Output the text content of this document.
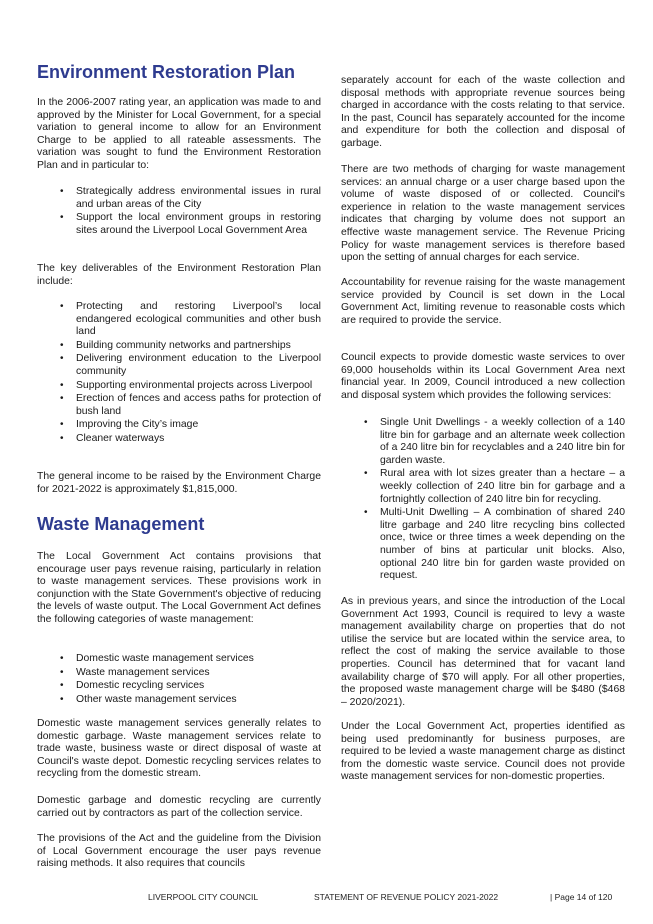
Environment Restoration Plan

In the 2006-2007 rating year, an application was made to and approved by the Minister for Local Government, for a special variation to general income to allow for an Environment Charge to be applied to all rateable assessments. The variation was sought to fund the Environment Restoration Plan and in particular to:

• Strategically address environmental issues in rural and urban areas of the City
• Support the local environment groups in restoring sites around the Liverpool Local Government Area

The key deliverables of the Environment Restoration Plan include:

• Protecting and restoring Liverpool’s local endangered ecological communities and other bush land
• Building community networks and partnerships
• Delivering environment education to the Liverpool community
• Supporting environmental projects across Liverpool
• Erection of fences and access paths for protection of bush land
• Improving the City’s image
• Cleaner waterways

The general income to be raised by the Environment Charge for 2021-2022 is approximately $1,815,000.

Waste Management

The Local Government Act contains provisions that encourage user pays revenue raising, particularly in relation to waste management services. These provisions work in conjunction with the State Government's objective of reducing the levels of waste output. The Local Government Act defines the following categories of waste management:

• Domestic waste management services
• Waste management services
• Domestic recycling services
• Other waste management services

Domestic waste management services generally relates to domestic garbage. Waste management services relate to trade waste, business waste or direct disposal of waste at Council's waste depot. Domestic recycling services relates to recycling from the domestic stream.

Domestic garbage and domestic recycling are currently carried out by contractors as part of the collection service.

The provisions of the Act and the guideline from the Division of Local Government encourage the user pays revenue raising methods. It also requires that councils

separately account for each of the waste collection and disposal methods with appropriate revenue sources being charged in accordance with the costs relating to that service. In the past, Council has separately accounted for the income and expenditure for both the collection and disposal of garbage.

There are two methods of charging for waste management services: an annual charge or a user charge based upon the volume of waste disposed of or collected. Council's experience in relation to the waste management services indicates that charging by volume does not support an effective waste management service. The Revenue Pricing Policy for waste management services is therefore based upon the setting of annual charges for each service.

Accountability for revenue raising for the waste management service provided by Council is set down in the Local Government Act, limiting revenue to reasonable costs which are required to provide the service.

Council expects to provide domestic waste services to over 69,000 households within its Local Government Area next financial year. In 2009, Council introduced a new collection and disposal system which provides the following services:

• Single Unit Dwellings - a weekly collection of a 140 litre bin for garbage and an alternate week collection of a 240 litre bin for recyclables and a 240 litre bin for garden waste.
• Rural area with lot sizes greater than a hectare – a weekly collection of 240 litre bin for garbage and a fortnightly collection of 240 litre bin for recycling.
• Multi-Unit Dwelling – A combination of shared 240 litre garbage and 240 litre recycling bins collected once, twice or three times a week depending on the number of bins at particular unit blocks. Also, optional 240 litre bin for garden waste provided on request.

As in previous years, and since the introduction of the Local Government Act 1993, Council is required to levy a waste management availability charge on properties that do not utilise the service but are located within the service area, to reflect the cost of making the service available to those properties. Council has determined that for vacant land availability charge of $70 will apply. For all other properties, the proposed waste management charge will be $480 ($468 – 2020/2021).

Under the Local Government Act, properties identified as being used predominantly for business purposes, are required to be levied a waste management charge as distinct from the domestic waste service. Council does not provide waste management services for non-domestic properties.

LIVERPOOL CITY COUNCIL	STATEMENT OF REVENUE POLICY 2021-2022	| Page 14 of 120
